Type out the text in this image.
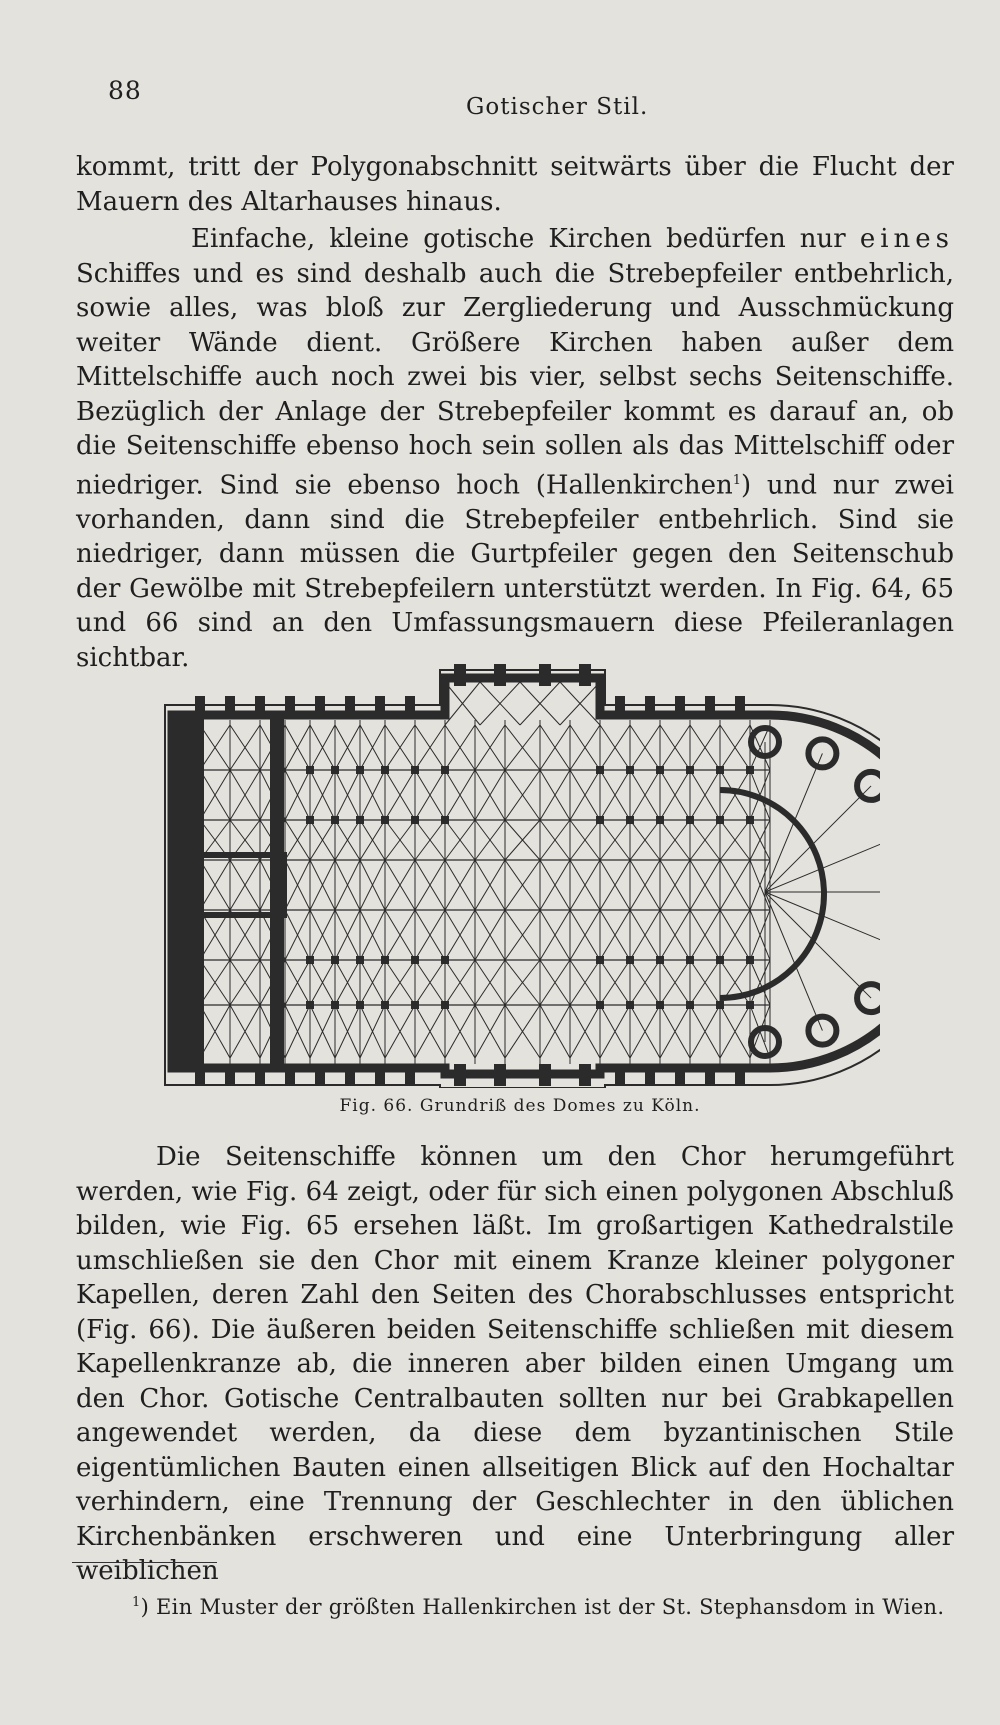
88
Gotischer Stil.

kommt, tritt der Polygonabschnitt seitwärts über die Flucht der Mauern des Altarhauses hinaus.

Einfache, kleine gotische Kirchen bedürfen nur eines Schiffes und es sind deshalb auch die Strebepfeiler entbehrlich, sowie alles, was bloß zur Zergliederung und Ausschmückung weiter Wände dient. Größere Kirchen haben außer dem Mittelschiffe auch noch zwei bis vier, selbst sechs Seitenschiffe. Bezüglich der Anlage der Strebepfeiler kommt es darauf an, ob die Seitenschiffe ebenso hoch sein sollen als das Mittelschiff oder niedriger. Sind sie ebenso hoch (Hallenkirchen$^1$) und nur zwei vorhanden, dann sind die Strebepfeiler entbehrlich. Sind sie niedriger, dann müssen die Gurtpfeiler gegen den Seitenschub der Gewölbe mit Strebepfeilern unterstützt werden. In Fig. 64, 65 und 66 sind an den Umfassungsmauern diese Pfeileranlagen sichtbar.

Fig. 66. Grundriß des Domes zu Köln.

Die Seitenschiffe können um den Chor herumgeführt werden, wie Fig. 64 zeigt, oder für sich einen polygonen Abschluß bilden, wie Fig. 65 ersehen läßt. Im großartigen Kathedralstile umschließen sie den Chor mit einem Kranze kleiner polygoner Kapellen, deren Zahl den Seiten des Chorabschlusses entspricht (Fig. 66). Die äußeren beiden Seitenschiffe schließen mit diesem Kapellenkranze ab, die inneren aber bilden einen Umgang um den Chor. Gotische Centralbauten sollten nur bei Grabkapellen angewendet werden, da diese dem byzantinischen Stile eigentümlichen Bauten einen allseitigen Blick auf den Hochaltar verhindern, eine Trennung der Geschlechter in den üblichen Kirchenbänken erschweren und eine Unterbringung aller weiblichen

$^1$) Ein Muster der größten Hallenkirchen ist der St. Stephansdom in Wien.
